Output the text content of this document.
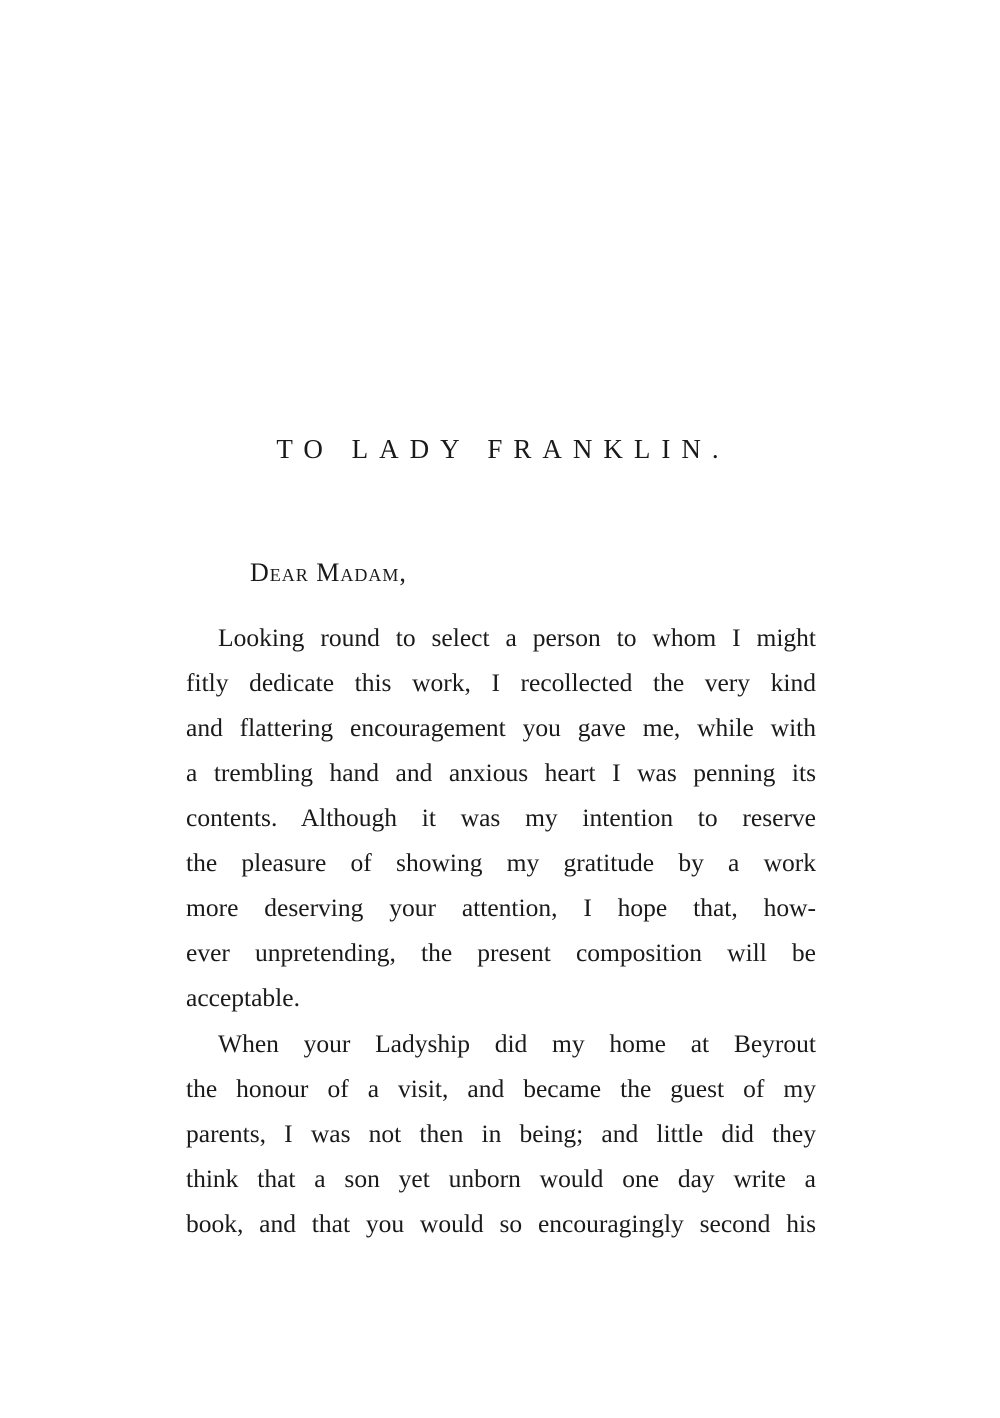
TO LADY FRANKLIN.
Dear Madam,
Looking round to select a person to whom I might
fitly dedicate this work, I recollected the very kind
and flattering encouragement you gave me, while with
a trembling hand and anxious heart I was penning its
contents. Although it was my intention to reserve
the pleasure of showing my gratitude by a work
more deserving your attention, I hope that, how-
ever unpretending, the present composition will be
acceptable.
When your Ladyship did my home at Beyrout
the honour of a visit, and became the guest of my
parents, I was not then in being; and little did they
think that a son yet unborn would one day write a
book, and that you would so encouragingly second his
